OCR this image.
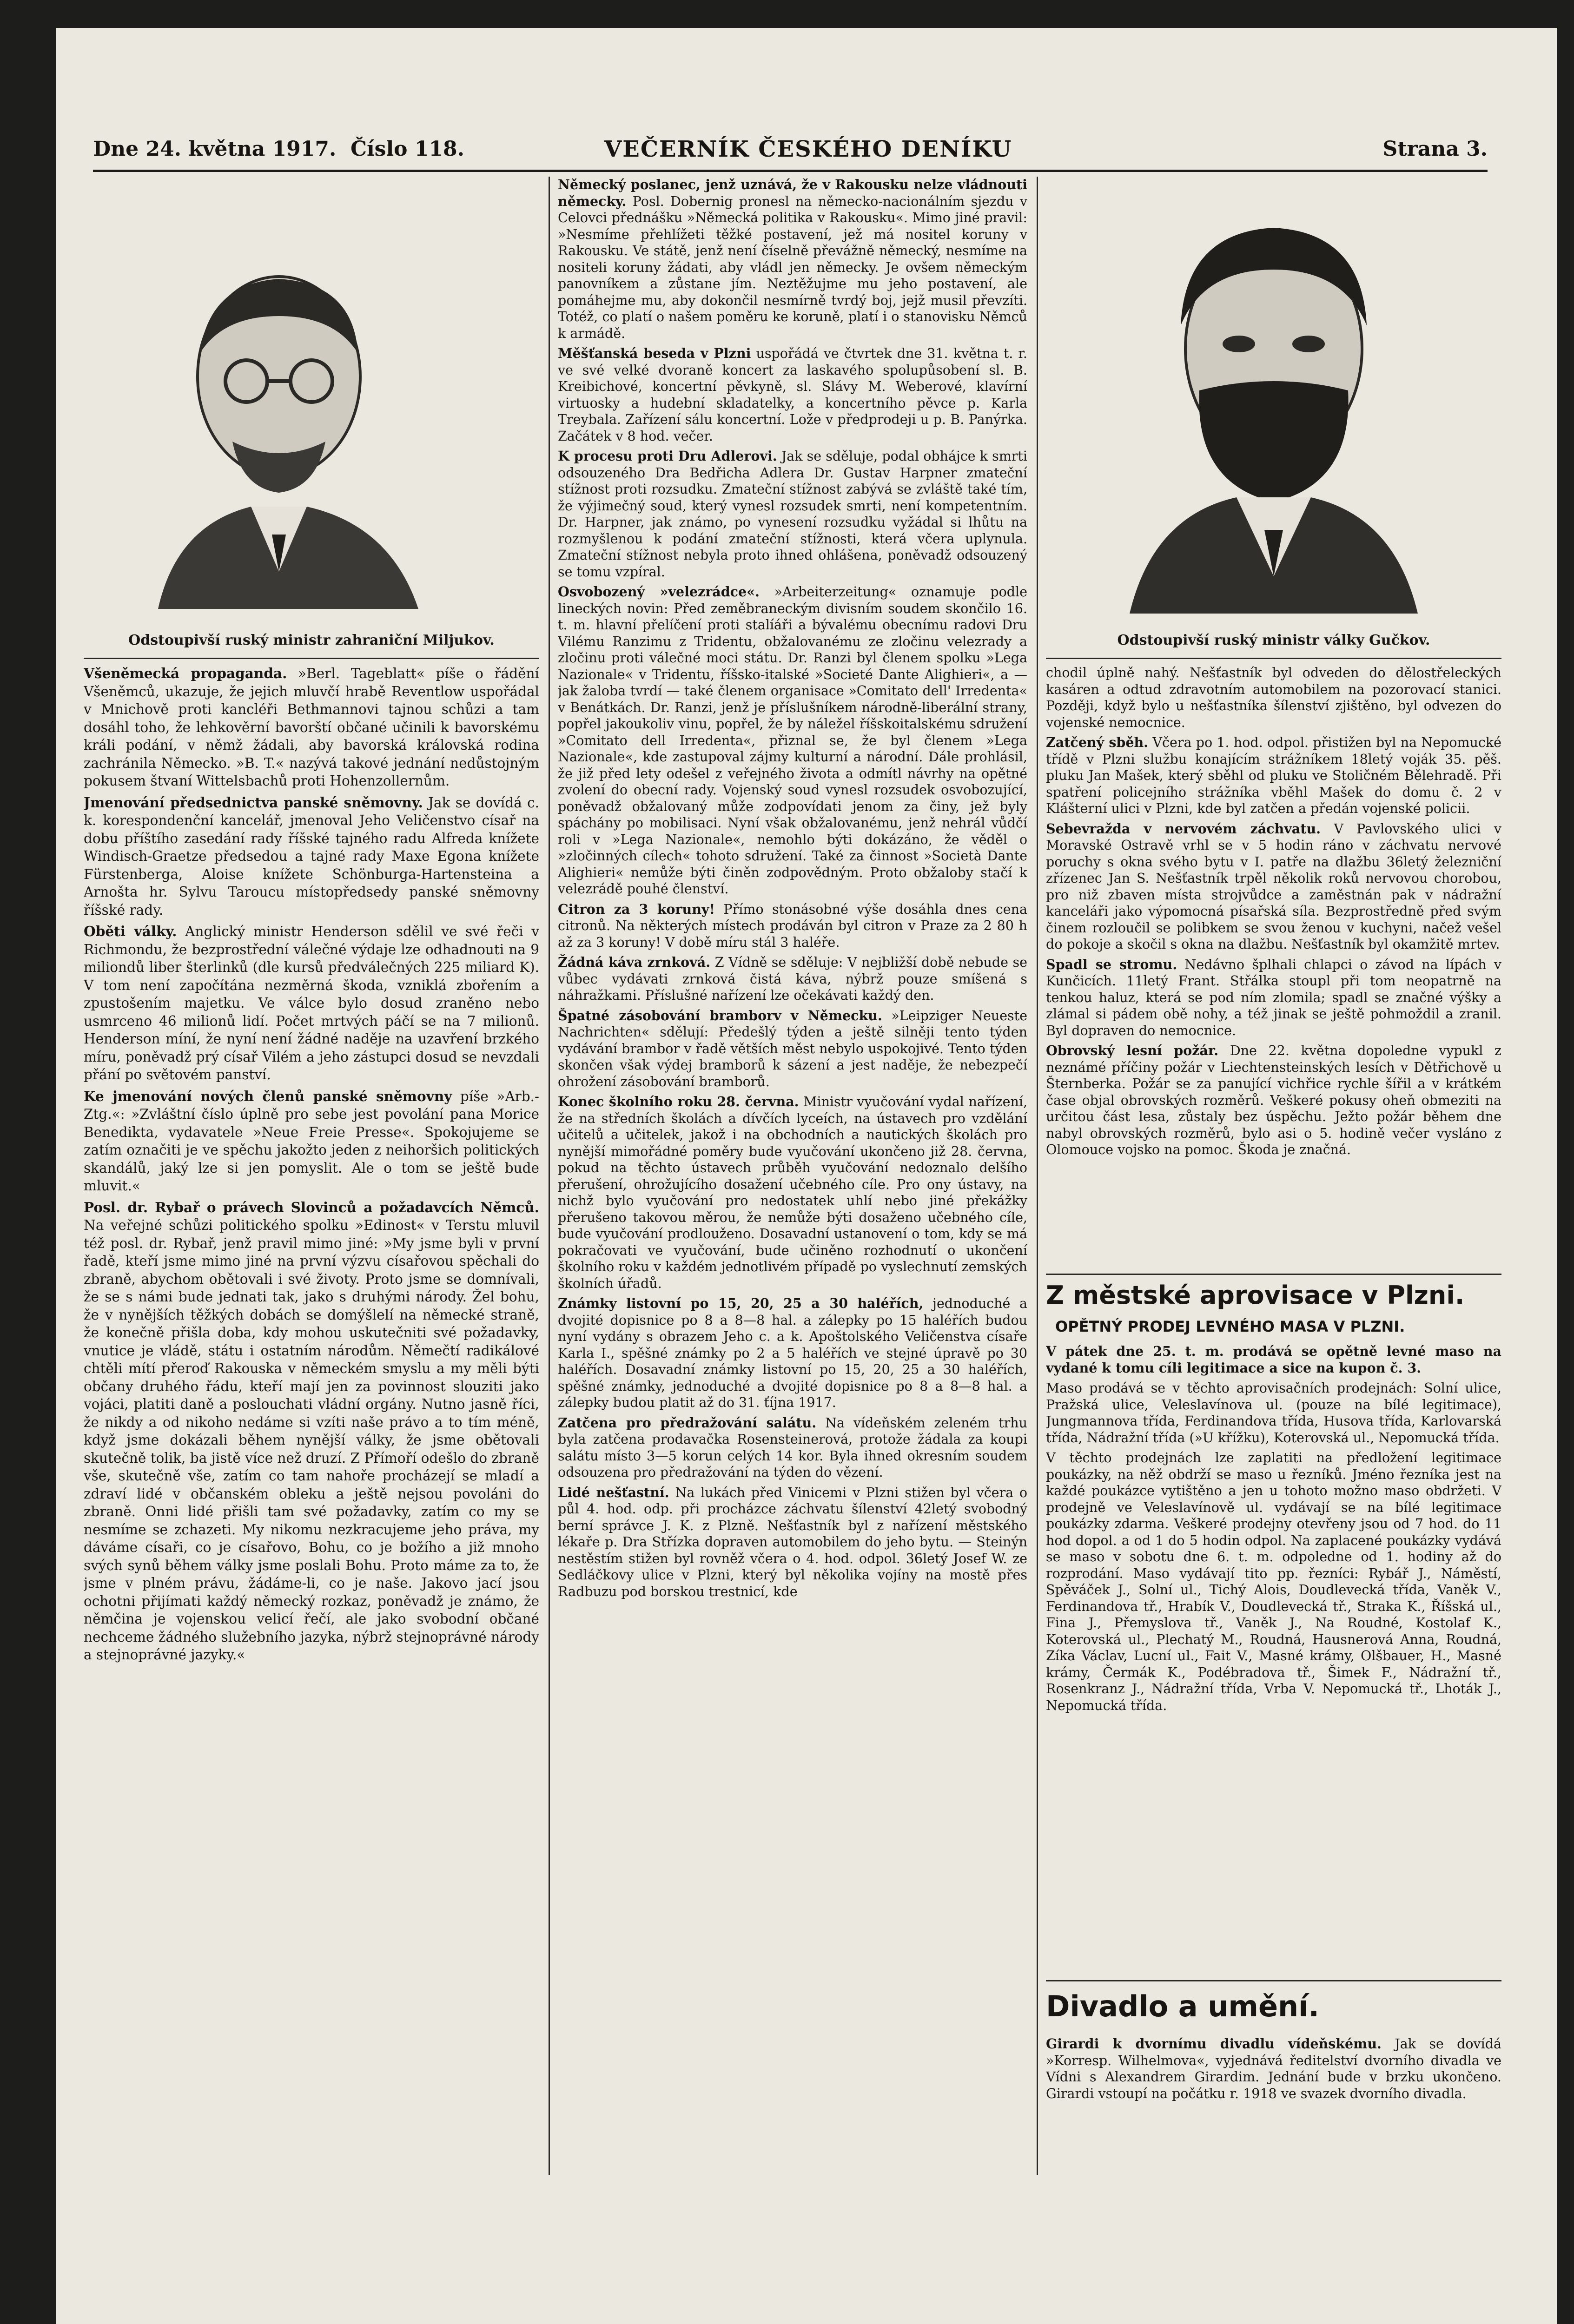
Dne 24. května 1917. Číslo 118.	VEČERNÍK ČESKÉHO DENÍKU	Strana 3.
Odstoupivší ruský ministr zahraniční Miljukov.	Odstoupivší ruský ministr války Gučkov.

Všeněmecká propaganda. »Berl. Tageblatt« píše o řádění Všeněmců, ukazuje, že jejich mluvčí hrabě Reventlow uspořádal v Mnichově proti kancléři Bethmannovi tajnou schůzi a tam dosáhl toho, že lehkověrní bavorští občané učinili k bavorskému králi podání, v němž žádali, aby bavorská královská rodina zachránila Německo. »B. T.« nazývá takové jednání nedůstojným pokusem štvaní Wittelsbachů proti Hohenzollernům.

Jmenování předsednictva panské sněmovny. Jak se dovídá c. k. korespondenční kancelář, jmenoval Jeho Veličenstvo císař na dobu příštího zasedání rady říšské tajného radu Alfreda knížete Windisch-Graetze předsedou a tajné rady Maxe Egona knížete Fürstenberga, Aloise knížete Schönburga-Hartensteina a Arnošta hr. Sylvu Taroucu místopředsedy panské sněmovny říšské rady.

Oběti války. Anglický ministr Henderson sdělil ve své řeči v Richmondu, že bezprostřední válečné výdaje lze odhadnouti na 9 miliondů liber šterlinků (dle kursů předválečných 225 miliard K). V tom není započítána nezměrná škoda, vzniklá zbořením a zpustošením majetku. Ve válce bylo dosud zraněno nebo usmrceno 46 milionů lidí. Počet mrtvých páčí se na 7 milionů. Henderson míní, že nyní není žádné naděje na uzavření brzkého míru, poněvadž prý císař Vilém a jeho zástupci dosud se nevzdali přání po světovém panství.

Ke jmenování nových členů panské sněmovny píše »Arb.-Ztg.«: »Zvláštní číslo úplně pro sebe jest povolání pana Morice Benedikta, vydavatele »Neue Freie Presse«. Spokojujeme se zatím označiti je ve spěchu jakožto jeden z neihoršich politických skandálů, jaký lze si jen pomyslit. Ale o tom se ještě bude mluvit.«

Posl. dr. Rybař o právech Slovinců a požadavcích Němců. Na veřejné schůzi politického spolku »Edinost« v Terstu mluvil též posl. dr. Rybař, jenž pravil mimo jiné: »My jsme byli v první řadě, kteří jsme mimo jiné na první výzvu císařovou spěchali do zbraně, abychom obětovali i své životy. Proto jsme se domnívali, že se s námi bude jednati tak, jako s druhými národy. Žel bohu, že v nynějších těžkých dobách se domýšlelí na německé straně, že konečně přišla doba, kdy mohou uskutečniti své požadavky, vnutice je vládě, státu i ostatním národům. Němečtí radikálové chtěli mítí přeroď Rakouska v německém smyslu a my měli býti občany druhého řádu, kteří mají jen za povinnost slouziti jako vojáci, platiti daně a poslouchati vládní orgány. Nutno jasně říci, že nikdy a od nikoho nedáme si vzíti naše právo a to tím méně, když jsme dokázali během nynější války, že jsme obětovali skutečně tolik, ba jistě více než druzí. Z Přímoří odešlo do zbraně vše, skutečně vše, zatím co tam nahoře procházejí se mladí a zdraví lidé v občanském obleku a ještě nejsou povoláni do zbraně. Onni lidé přišli tam své požadavky, zatím co my se nesmíme se zchazeti. My nikomu nezkracujeme jeho práva, my dáváme císaři, co je císařovo, Bohu, co je božího a již mnoho svých synů během války jsme poslali Bohu. Proto máme za to, že jsme v plném právu, žádáme-li, co je naše. Jakovo jací jsou ochotni přijímati každý německý rozkaz, poněvadž je známo, že němčina je vojenskou velicí řečí, ale jako svobodní občané nechceme žádného služebního jazyka, nýbrž stejnoprávné národy a stejnoprávné jazyky.«

Německý poslanec, jenž uznává, že v Rakousku nelze vládnouti německy. Posl. Dobernig pronesl na německo-nacionálním sjezdu v Celovci přednášku »Německá politika v Rakousku«. Mimo jiné pravil: »Nesmíme přehlížeti těžké postavení, jež má nositel koruny v Rakousku. Ve státě, jenž není číselně převážně německý, nesmíme na nositeli koruny žádati, aby vládl jen německy. Je ovšem německým panovníkem a zůstane jím. Neztěžujme mu jeho postavení, ale pomáhejme mu, aby dokončil nesmírně tvrdý boj, jejž musil převzíti. Totéž, co platí o našem poměru ke koruně, platí i o stanovisku Němců k armádě.

Měšťanská beseda v Plzni uspořádá ve čtvrtek dne 31. května t. r. ve své velké dvoraně koncert za laskavého spolupůsobení sl. B. Kreibichové, koncertní pěvkyně, sl. Slávy M. Weberové, klavírní virtuosky a hudební skladatelky, a koncertního pěvce p. Karla Treybala. Zařízení sálu koncertní. Lože v předprodeji u p. B. Panýrka. Začátek v 8 hod. večer.

K procesu proti Dru Adlerovi. Jak se sděluje, podal obhájce k smrti odsouzeného Dra Bedřicha Adlera Dr. Gustav Harpner zmateční stížnost proti rozsudku. Zmateční stížnost zabývá se zvláště také tím, že výjimečný soud, který vynesl rozsudek smrti, není kompetentním. Dr. Harpner, jak známo, po vynesení rozsudku vyžádal si lhůtu na rozmyšlenou k podání zmateční stížnosti, která včera uplynula. Zmateční stížnost nebyla proto ihned ohlášena, poněvadž odsouzený se tomu vzpíral.

Osvobozený »velezrádce«. »Arbeiterzeitung« oznamuje podle lineckých novin: Před zeměbraneckým divisním soudem skončilo 16. t. m. hlavní přelíčení proti stalíáři a bývalému obecnímu radovi Dru Vilému Ranzimu z Tridentu, obžalovanému ze zločinu velezrady a zločinu proti válečné moci státu. Dr. Ranzi byl členem spolku »Lega Nazionale« v Tridentu, říšsko-italské »Societé Dante Alighieri«, a — jak žaloba tvrdí — také členem organisace »Comitato dell' Irredenta« v Benátkách. Dr. Ranzi, jenž je příslušníkem národně-liberální strany, popřel jakoukoliv vinu, popřel, že by náležel říšskoitalskému sdružení »Comitato dell Irredenta«, přiznal se, že byl členem »Lega Nazionale«, kde zastupoval zájmy kulturní a národní. Dále prohlásil, že již před lety odešel z veřejného života a odmítl návrhy na opětné zvolení do obecní rady. Vojenský soud vynesl rozsudek osvobozující, poněvadž obžalovaný může zodpovídati jenom za činy, jež byly spáchány po mobilisaci. Nyní však obžalovanému, jenž nehrál vůdčí roli v »Lega Nazionale«, nemohlo býti dokázáno, že věděl o »zločinných cílech« tohoto sdružení. Také za činnost »Società Dante Alighieri« nemůže býti činěn zodpovědným. Proto obžaloby stačí k velezrádě pouhé členství.

Citron za 3 koruny! Přímo stonásobné výše dosáhla dnes cena citronů. Na některých místech prodáván byl citron v Praze za 2 80 h až za 3 koruny! V době míru stál 3 haléře.

Žádná káva zrnková. Z Vídně se sděluje: V nejbližší době nebude se vůbec vydávati zrnková čistá káva, nýbrž pouze smíšená s náhražkami. Příslušné nařízení lze očekávati každý den.

Špatné zásobování bramborv v Německu. »Leipziger Neueste Nachrichten« sdělují: Předešlý týden a ještě silněji tento týden vydávání brambor v řadě větších měst nebylo uspokojivé. Tento týden skončen však výdej bramborů k sázení a jest naděje, že nebezpečí ohrožení zásobování bramborů.

Konec školního roku 28. června. Ministr vyučování vydal nařízení, že na středních školách a dívčích lyceích, na ústavech pro vzdělání učitelů a učitelek, jakož i na obchodních a nautických školách pro nynější mimořádné poměry bude vyučování ukončeno již 28. června, pokud na těchto ústavech průběh vyučování nedoznalo delšího přerušení, ohrožujícího dosažení učebného cíle. Pro ony ústavy, na nichž bylo vyučování pro nedostatek uhlí nebo jiné překážky přerušeno takovou měrou, že nemůže býti dosaženo učebného cíle, bude vyučování prodlouženo. Dosavadní ustanovení o tom, kdy se má pokračovati ve vyučování, bude učiněno rozhodnutí o ukončení školního roku v každém jednotlivém případě po vyslechnutí zemských školních úřadů.

Známky listovní po 15, 20, 25 a 30 haléřích, jednoduché a dvojité dopisnice po 8 a 8—8 hal. a zálepky po 15 haléřích budou nyní vydány s obrazem Jeho c. a k. Apoštolského Veličenstva císaře Karla I., spěšné známky po 2 a 5 haléřích ve stejné úpravě po 30 haléřích. Dosavadní známky listovní po 15, 20, 25 a 30 haléřích, spěšné známky, jednoduché a dvojité dopisnice po 8 a 8—8 hal. a zálepky budou platit až do 31. ťíjna 1917.

Zatčena pro předražování salátu. Na vídeňském zeleném trhu byla zatčena prodavačka Rosensteinerová, protože žádala za koupi salátu místo 3—5 korun celých 14 kor. Byla ihned okresním soudem odsouzena pro předražování na týden do vězení.

Lidé nešťastní. Na lukách před Vinicemi v Plzni stižen byl včera o půl 4. hod. odp. při procházce záchvatu šílenství 42letý svobodný berní správce J. K. z Plzně. Nešťastník byl z nařízení městského lékaře p. Dra Střízka dopraven automobilem do jeho bytu. — Steinýn nestěstím stižen byl rovněž včera o 4. hod. odpol. 36letý Josef W. ze Sedláčkovy ulice v Plzni, který byl několika vojíny na mostě přes Radbuzu pod borskou trestnicí, kde

chodil úplně nahý. Nešťastník byl odveden do dělostřeleckých kasáren a odtud zdravotním automobilem na pozorovací stanici. Později, když bylo u nešťastníka šílenství zjištěno, byl odvezen do vojenské nemocnice.

Zatčený sběh. Včera po 1. hod. odpol. přistižen byl na Nepomucké třídě v Plzni službu konajícím strážníkem 18letý voják 35. pěš. pluku Jan Mašek, který sběhl od pluku ve Stoličném Bělehradě. Při spatření policejního strážníka vběhl Mašek do domu č. 2 v Klášterní ulici v Plzni, kde byl zatčen a předán vojenské policii.

Sebevražda v nervovém záchvatu. V Pavlovského ulici v Moravské Ostravě vrhl se v 5 hodin ráno v záchvatu nervové poruchy s okna svého bytu v I. patře na dlažbu 36letý železniční zřízenec Jan S. Nešťastník trpěl několik roků nervovou chorobou, pro niž zbaven místa strojvůdce a zaměstnán pak v nádražní kanceláři jako výpomocná písařská síla. Bezprostředně před svým činem rozloučil se polibkem se svou ženou v kuchyni, načež vešel do pokoje a skočil s okna na dlažbu. Nešťastník byl okamžitě mrtev.

Spadl se stromu. Nedávno šplhali chlapci o závod na lípách v Kunčicích. 11letý Frant. Střálka stoupl při tom neopatrně na tenkou haluz, která se pod ním zlomila; spadl se značné výšky a zlámal si pádem obě nohy, a též jinak se ještě pohmoždil a zranil. Byl dopraven do nemocnice.

Obrovský lesní požár. Dne 22. května dopoledne vypukl z neznámé příčiny požár v Liechtensteinských lesích v Dětřichově u Šternberka. Požár se za panující vichřice rychle šířil a v krátkém čase objal obrovských rozměrů. Veškeré pokusy oheň obmeziti na určitou část lesa, zůstaly bez úspěchu. Ježto požár během dne nabyl obrovských rozměrů, bylo asi o 5. hodině večer vysláno z Olomouce vojsko na pomoc. Škoda je značná.

Z městské aprovisace v Plzni.
OPĚTNÝ PRODEJ LEVNÉHO MASA V PLZNI.

V pátek dne 25. t. m. prodává se opětně levné maso na vydané k tomu cíli legitimace a sice na kupon č. 3.

Maso prodává se v těchto aprovisačních prodejnách: Solní ulice, Pražská ulice, Veleslavínova ul. (pouze na bílé legitimace), Jungmannova třída, Ferdinandova třída, Husova třída, Karlovarská třída, Nádražní třída (»U křížku), Koterovská ul., Nepomucká třída.

V těchto prodejnách lze zaplatiti na předložení legitimace poukázky, na něž obdrží se maso u řezníků. Jméno řezníka jest na každé poukázce vytištěno a jen u tohoto možno maso obdržeti. V prodejně ve Veleslavínově ul. vydávají se na bílé legitimace poukázky zdarma. Veškeré prodejny otevřeny jsou od 7 hod. do 11 hod dopol. a od 1 do 5 hodin odpol. Na zaplacené poukázky vydává se maso v sobotu dne 6. t. m. odpoledne od 1. hodiny až do rozprodání. Maso vydávají tito pp. řezníci: Rybář J., Náměstí, Spěváček J., Solní ul., Tichý Alois, Doudlevecká třída, Vaněk V., Ferdinandova tř., Hrabík V., Doudlevecká tř., Straka K., Říšská ul., Fina J., Přemyslova tř., Vaněk J., Na Roudné, Kostolaf K., Koterovská ul., Plechatý M., Roudná, Hausnerová Anna, Roudná, Zíka Václav, Lucní ul., Fait V., Masné krámy, Olšbauer, H., Masné krámy, Čermák K., Podébradova tř., Šimek F., Nádražní tř., Rosenkranz J., Nádražní třída, Vrba V. Nepomucká tř., Lhoták J., Nepomucká třída.

Divadlo a umění.

Girardi k dvornímu divadlu vídeňskému. Jak se dovídá »Korresp. Wilhelmova«, vyjednává ředitelství dvorního divadla ve Vídni s Alexandrem Girardim. Jednání bude v brzku ukončeno. Girardi vstoupí na počátku r. 1918 ve svazek dvorního divadla.
